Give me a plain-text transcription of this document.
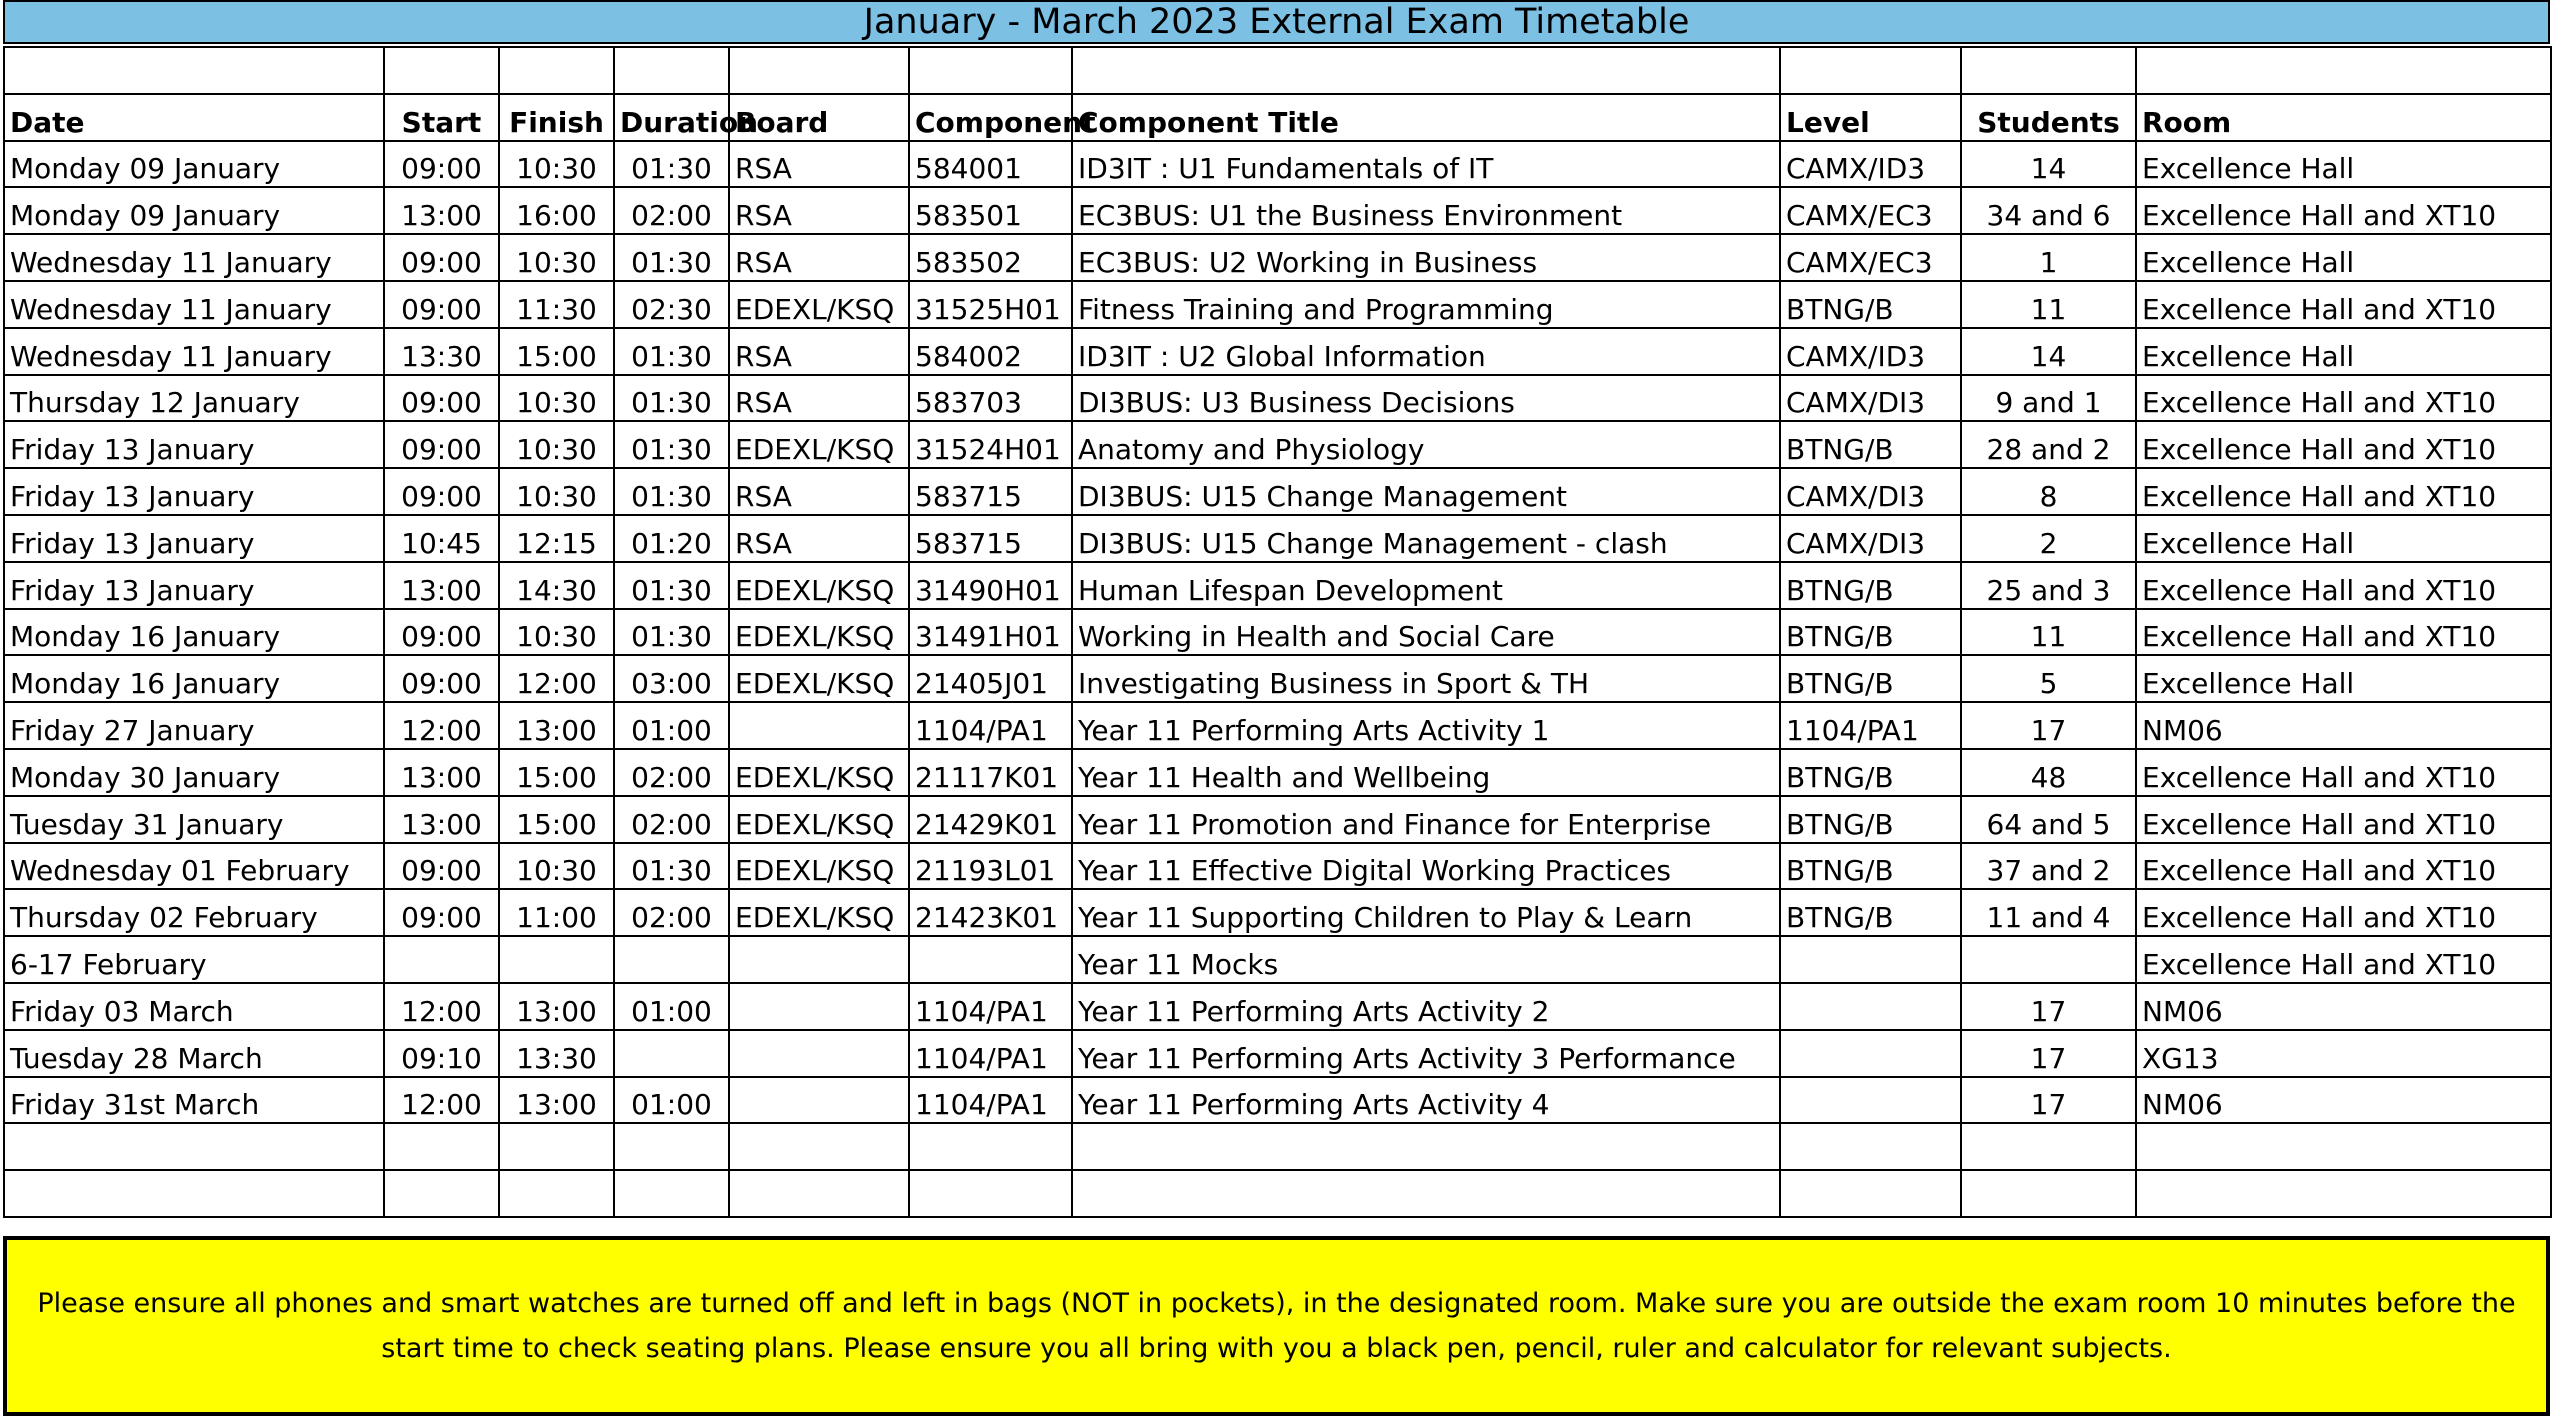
January - March 2023 External Exam Timetable

Date	Start	Finish	Duration	Board	Component	Component Title	Level	Students	Room
Monday 09 January	09:00	10:30	01:30	RSA	584001	ID3IT : U1 Fundamentals of IT	CAMX/ID3	14	Excellence Hall
Monday 09 January	13:00	16:00	02:00	RSA	583501	EC3BUS: U1 the Business Environment	CAMX/EC3	34 and 6	Excellence Hall and XT10
Wednesday 11 January	09:00	10:30	01:30	RSA	583502	EC3BUS: U2 Working in Business	CAMX/EC3	1	Excellence Hall
Wednesday 11 January	09:00	11:30	02:30	EDEXL/KSQ	31525H01	Fitness Training and Programming	BTNG/B	11	Excellence Hall and XT10
Wednesday 11 January	13:30	15:00	01:30	RSA	584002	ID3IT : U2 Global Information	CAMX/ID3	14	Excellence Hall
Thursday 12 January	09:00	10:30	01:30	RSA	583703	DI3BUS: U3 Business Decisions	CAMX/DI3	9 and 1	Excellence Hall and XT10
Friday 13 January	09:00	10:30	01:30	EDEXL/KSQ	31524H01	Anatomy and Physiology	BTNG/B	28 and 2	Excellence Hall and XT10
Friday 13 January	09:00	10:30	01:30	RSA	583715	DI3BUS: U15 Change Management	CAMX/DI3	8	Excellence Hall and XT10
Friday 13 January	10:45	12:15	01:20	RSA	583715	DI3BUS: U15 Change Management - clash	CAMX/DI3	2	Excellence Hall
Friday 13 January	13:00	14:30	01:30	EDEXL/KSQ	31490H01	Human Lifespan Development	BTNG/B	25 and 3	Excellence Hall and XT10
Monday 16 January	09:00	10:30	01:30	EDEXL/KSQ	31491H01	Working in Health and Social Care	BTNG/B	11	Excellence Hall and XT10
Monday 16 January	09:00	12:00	03:00	EDEXL/KSQ	21405J01	Investigating Business in Sport & TH	BTNG/B	5	Excellence Hall
Friday 27 January	12:00	13:00	01:00		1104/PA1	Year 11 Performing Arts Activity 1	1104/PA1	17	NM06
Monday 30 January	13:00	15:00	02:00	EDEXL/KSQ	21117K01	Year 11 Health and Wellbeing	BTNG/B	48	Excellence Hall and XT10
Tuesday 31 January	13:00	15:00	02:00	EDEXL/KSQ	21429K01	Year 11 Promotion and Finance for Enterprise	BTNG/B	64 and 5	Excellence Hall and XT10
Wednesday 01 February	09:00	10:30	01:30	EDEXL/KSQ	21193L01	Year 11 Effective Digital Working Practices	BTNG/B	37 and 2	Excellence Hall and XT10
Thursday 02 February	09:00	11:00	02:00	EDEXL/KSQ	21423K01	Year 11 Supporting Children to Play & Learn	BTNG/B	11 and 4	Excellence Hall and XT10
6-17 February						Year 11 Mocks			Excellence Hall and XT10
Friday 03 March	12:00	13:00	01:00		1104/PA1	Year 11 Performing Arts Activity 2		17	NM06
Tuesday 28 March	09:10	13:30			1104/PA1	Year 11 Performing Arts Activity 3 Performance		17	XG13
Friday 31st March	12:00	13:00	01:00		1104/PA1	Year 11 Performing Arts Activity 4		17	NM06

Please ensure all phones and smart watches are turned off and left in bags (NOT in pockets), in the designated room. Make sure you are outside the exam room 10 minutes before the start time to check seating plans. Please ensure you all bring with you a black pen, pencil, ruler and calculator for relevant subjects.
